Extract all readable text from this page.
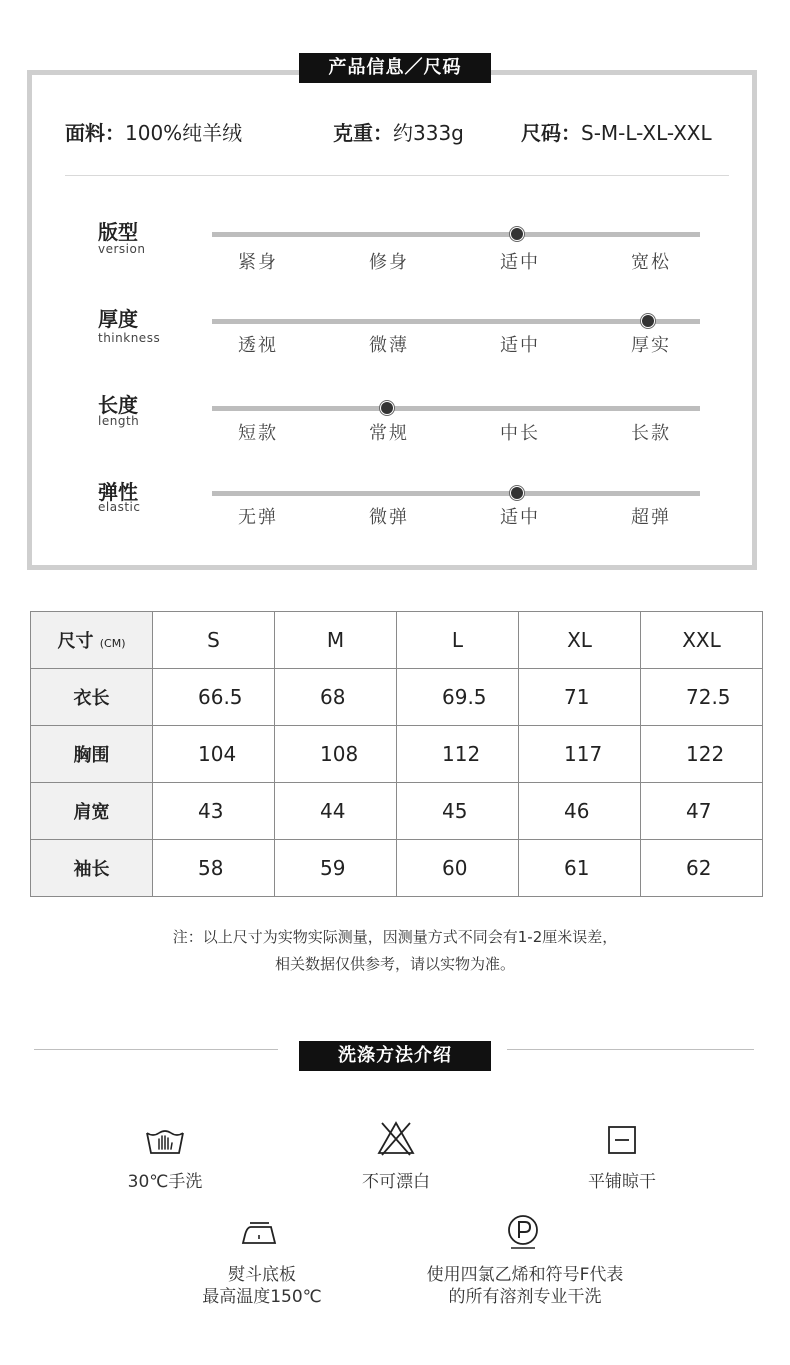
产品信息／尺码
面料：100%纯羊绒	克重：约333g	尺码：S-M-L-XL-XXL
版型
version
紧身	修身	适中	宽松
厚度
thinkness	透视	微薄	适中	厚实
长度
length
短款	常规	中长	长款
弹性
elastic	无弹	微弹	适中	超弹
尺寸 (CM)	S	M	L	XL	XXL
衣长	66.5	68	69.5	71	72.5
胸围	104	108	112	117	122
肩宽	43	44	45	46	47
袖长	58	59	60	61	62
注：以上尺寸为实物实际测量，因测量方式不同会有1-2厘米误差，
相关数据仅供参考，请以实物为准。
洗涤方法介绍
30℃手洗	不可漂白	平铺晾干
熨斗底板
最高温度150℃
使用四氯乙烯和符号F代表
的所有溶剂专业干洗
